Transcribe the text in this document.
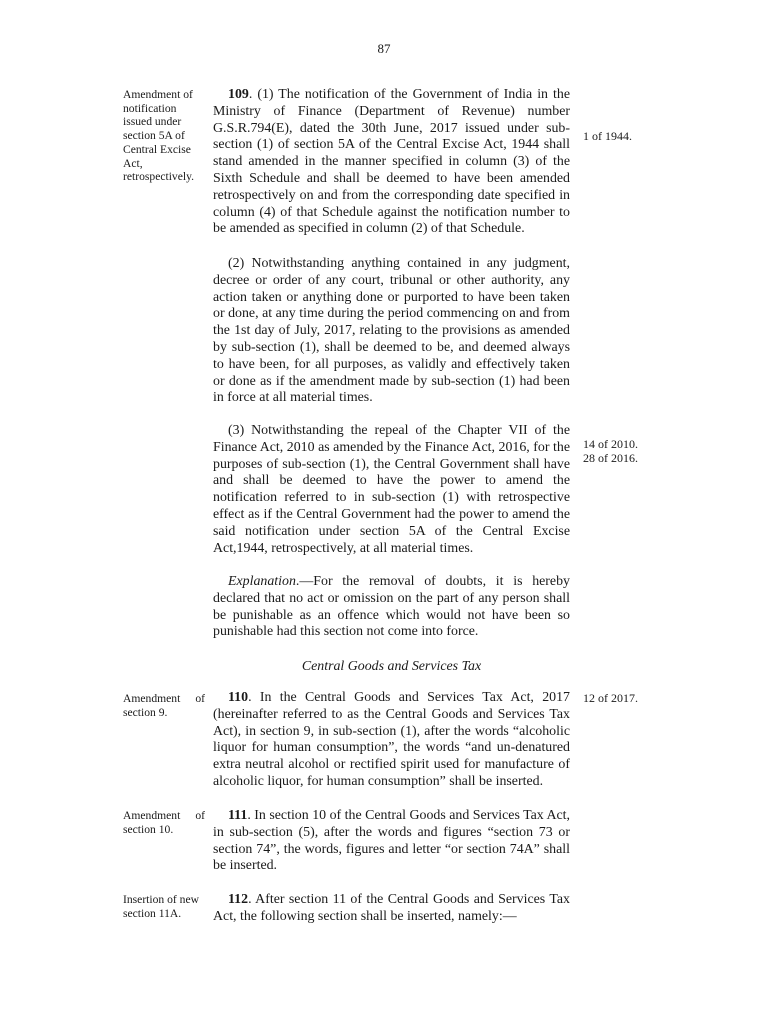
87
Amendment of notification issued under section 5A of Central Excise Act, retrospectively.

109. (1) The notification of the Government of India in the Ministry of Finance (Department of Revenue) number G.S.R.794(E), dated the 30th June, 2017 issued under sub-section (1) of section 5A of the Central Excise Act, 1944 shall stand amended in the manner specified in column (3) of the Sixth Schedule and shall be deemed to have been amended retrospectively on and from the corresponding date specified in column (4) of that Schedule against the notification number to be amended as specified in column (2) of that Schedule.

1 of 1944.

(2) Notwithstanding anything contained in any judgment, decree or order of any court, tribunal or other authority, any action taken or anything done or purported to have been taken or done, at any time during the period commencing on and from the 1st day of July, 2017, relating to the provisions as amended by sub-section (1), shall be deemed to be, and deemed always to have been, for all purposes, as validly and effectively taken or done as if the amendment made by sub-section (1) had been in force at all material times.

(3) Notwithstanding the repeal of the Chapter VII of the Finance Act, 2010 as amended by the Finance Act, 2016, for the purposes of sub-section (1), the Central Government shall have and shall be deemed to have the power to amend the notification referred to in sub-section (1) with retrospective effect as if the Central Government had the power to amend the said notification under section 5A of the Central Excise Act,1944, retrospectively, at all material times.

14 of 2010.
28 of 2016.

Explanation.—For the removal of doubts, it is hereby declared that no act or omission on the part of any person shall be punishable as an offence which would not have been so punishable had this section not come into force.

Central Goods and Services Tax
Amendment of section 9.

110. In the Central Goods and Services Tax Act, 2017 (hereinafter referred to as the Central Goods and Services Tax Act), in section 9, in sub-section (1), after the words “alcoholic liquor for human consumption”, the words “and un-denatured extra neutral alcohol or rectified spirit used for manufacture of alcoholic liquor, for human consumption” shall be inserted.

12 of 2017.
Amendment of section 10.

111. In section 10 of the Central Goods and Services Tax Act, in sub-section (5), after the words and figures “section 73 or section 74”, the words, figures and letter “or section 74A” shall be inserted.

Insertion of new section 11A.

112. After section 11 of the Central Goods and Services Tax Act, the following section shall be inserted, namely:—
